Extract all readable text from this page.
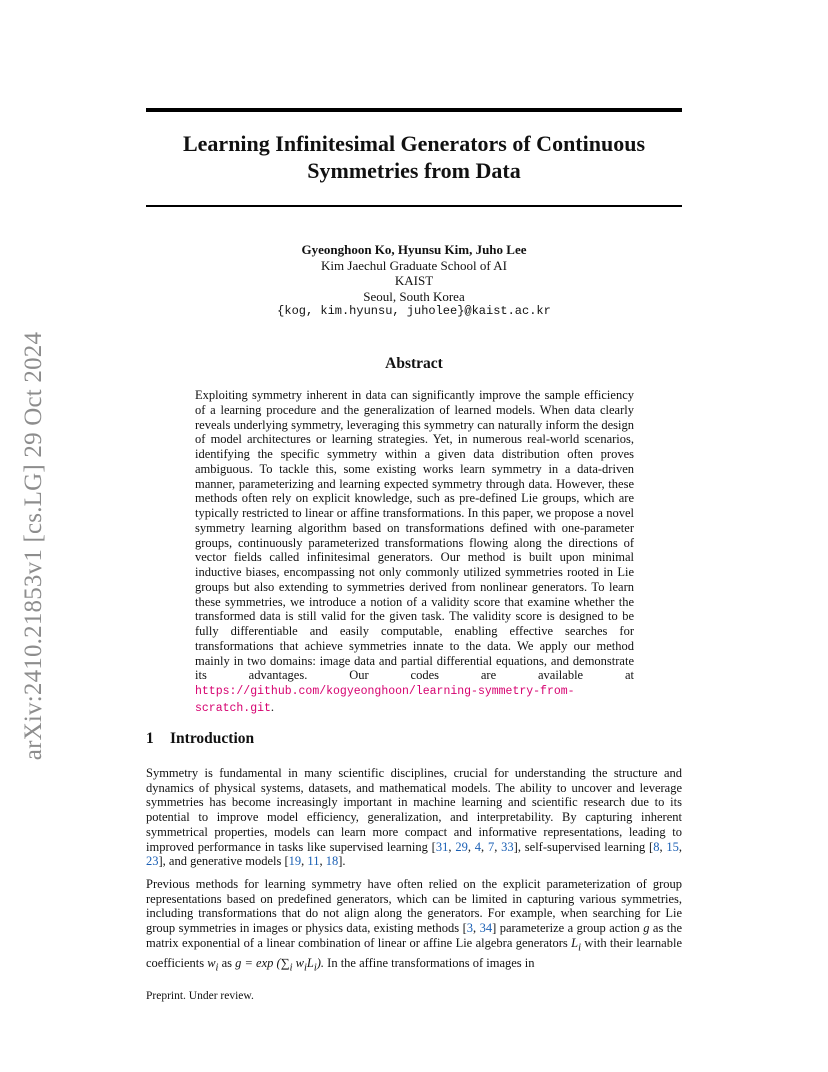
arXiv:2410.21853v1 [cs.LG] 29 Oct 2024
Learning Infinitesimal Generators of Continuous
Symmetries from Data
Gyeonghoon Ko, Hyunsu Kim, Juho Lee
Kim Jaechul Graduate School of AI
KAIST
Seoul, South Korea
{kog, kim.hyunsu, juholee}@kaist.ac.kr
Abstract
Exploiting symmetry inherent in data can significantly improve the sample efficiency of a learning procedure and the generalization of learned models. When data clearly reveals underlying symmetry, leveraging this symmetry can naturally inform the design of model architectures or learning strategies. Yet, in numerous real-world scenarios, identifying the specific symmetry within a given data distribution often proves ambiguous. To tackle this, some existing works learn symmetry in a data-driven manner, parameterizing and learning expected symmetry through data. However, these methods often rely on explicit knowledge, such as pre-defined Lie groups, which are typically restricted to linear or affine transformations. In this paper, we propose a novel symmetry learning algorithm based on transformations defined with one-parameter groups, continuously parameterized transformations flowing along the directions of vector fields called infinitesimal generators. Our method is built upon minimal inductive biases, encompassing not only commonly utilized symmetries rooted in Lie groups but also extending to symmetries derived from nonlinear generators. To learn these symmetries, we introduce a notion of a validity score that examine whether the transformed data is still valid for the given task. The validity score is designed to be fully differentiable and easily computable, enabling effective searches for transformations that achieve symmetries innate to the data. We apply our method mainly in two domains: image data and partial differential equations, and demonstrate its advantages. Our codes are available at https://github.com/kogyeonghoon/learning-symmetry-from-scratch.git.
1 Introduction
Symmetry is fundamental in many scientific disciplines, crucial for understanding the structure and dynamics of physical systems, datasets, and mathematical models. The ability to uncover and leverage symmetries has become increasingly important in machine learning and scientific research due to its potential to improve model efficiency, generalization, and interpretability. By capturing inherent symmetrical properties, models can learn more compact and informative representations, leading to improved performance in tasks like supervised learning [31, 29, 4, 7, 33], self-supervised learning [8, 15, 23], and generative models [19, 11, 18].
Previous methods for learning symmetry have often relied on the explicit parameterization of group representations based on predefined generators, which can be limited in capturing various symmetries, including transformations that do not align along the generators. For example, when searching for Lie group symmetries in images or physics data, existing methods [3, 34] parameterize a group action g as the matrix exponential of a linear combination of linear or affine Lie algebra generators $L_i$ with their learnable coefficients $w_i$ as $g = \exp (\sum_i$ $w_iL_i$). In the affine transformations of images in
Preprint. Under review.
